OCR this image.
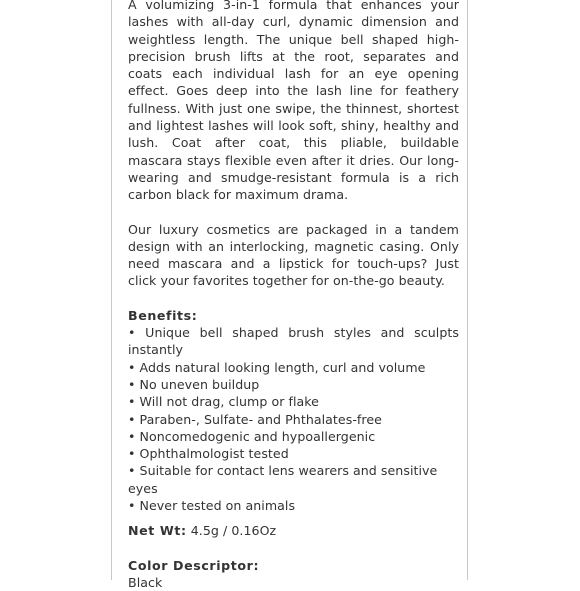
A volumizing 3-in-1 formula that enhances your lashes with all-day curl, dynamic dimension and weightless length. The unique bell shaped high-precision brush lifts at the root, separates and coats each individual lash for an eye opening effect. Goes deep into the lash line for feathery fullness. With just one swipe, the thinnest, shortest and lightest lashes will look soft, shiny, healthy and lush. Coat after coat, this pliable, buildable mascara stays flexible even after it dries. Our long-wearing and smudge-resistant formula is a rich carbon black for maximum drama.

Our luxury cosmetics are packaged in a tandem design with an interlocking, magnetic casing. Only need mascara and a lipstick for touch-ups? Just click your favorites together for on-the-go beauty.

Benefits:

• Unique bell shaped brush styles and sculpts instantly
• Adds natural looking length, curl and volume
• No uneven buildup
• Will not drag, clump or flake
• Paraben-, Sulfate- and Phthalates-free
• Noncomedogenic and hypoallergenic
• Ophthalmologist tested
• Suitable for contact lens wearers and sensitive eyes
• Never tested on animals

Net Wt: 4.5g / 0.16Oz

Color Descriptor:

Black
